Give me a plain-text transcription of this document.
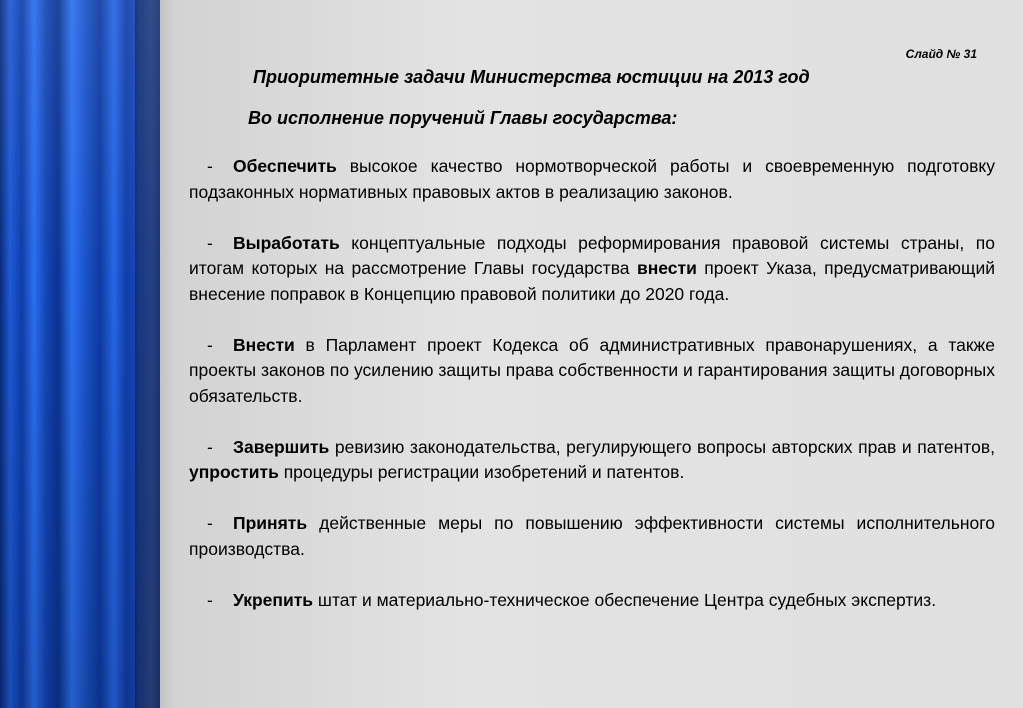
Слайд № 31
Приоритетные задачи Министерства юстиции на 2013 год
Во исполнение поручений Главы государства:

- Обеспечить высокое качество нормотворческой работы и своевременную подготовку подзаконных нормативных правовых актов в реализацию законов.

- Выработать концептуальные подходы реформирования правовой системы страны, по итогам которых на рассмотрение Главы государства внести проект Указа, предусматривающий внесение поправок в Концепцию правовой политики до 2020 года.

- Внести в Парламент проект Кодекса об административных правонарушениях, а также проекты законов по усилению защиты права собственности и гарантирования защиты договорных обязательств.

- Завершить ревизию законодательства, регулирующего вопросы авторских прав и патентов, упростить процедуры регистрации изобретений и патентов.

- Принять действенные меры по повышению эффективности системы исполнительного производства.

- Укрепить штат и материально-техническое обеспечение Центра судебных экспертиз.
